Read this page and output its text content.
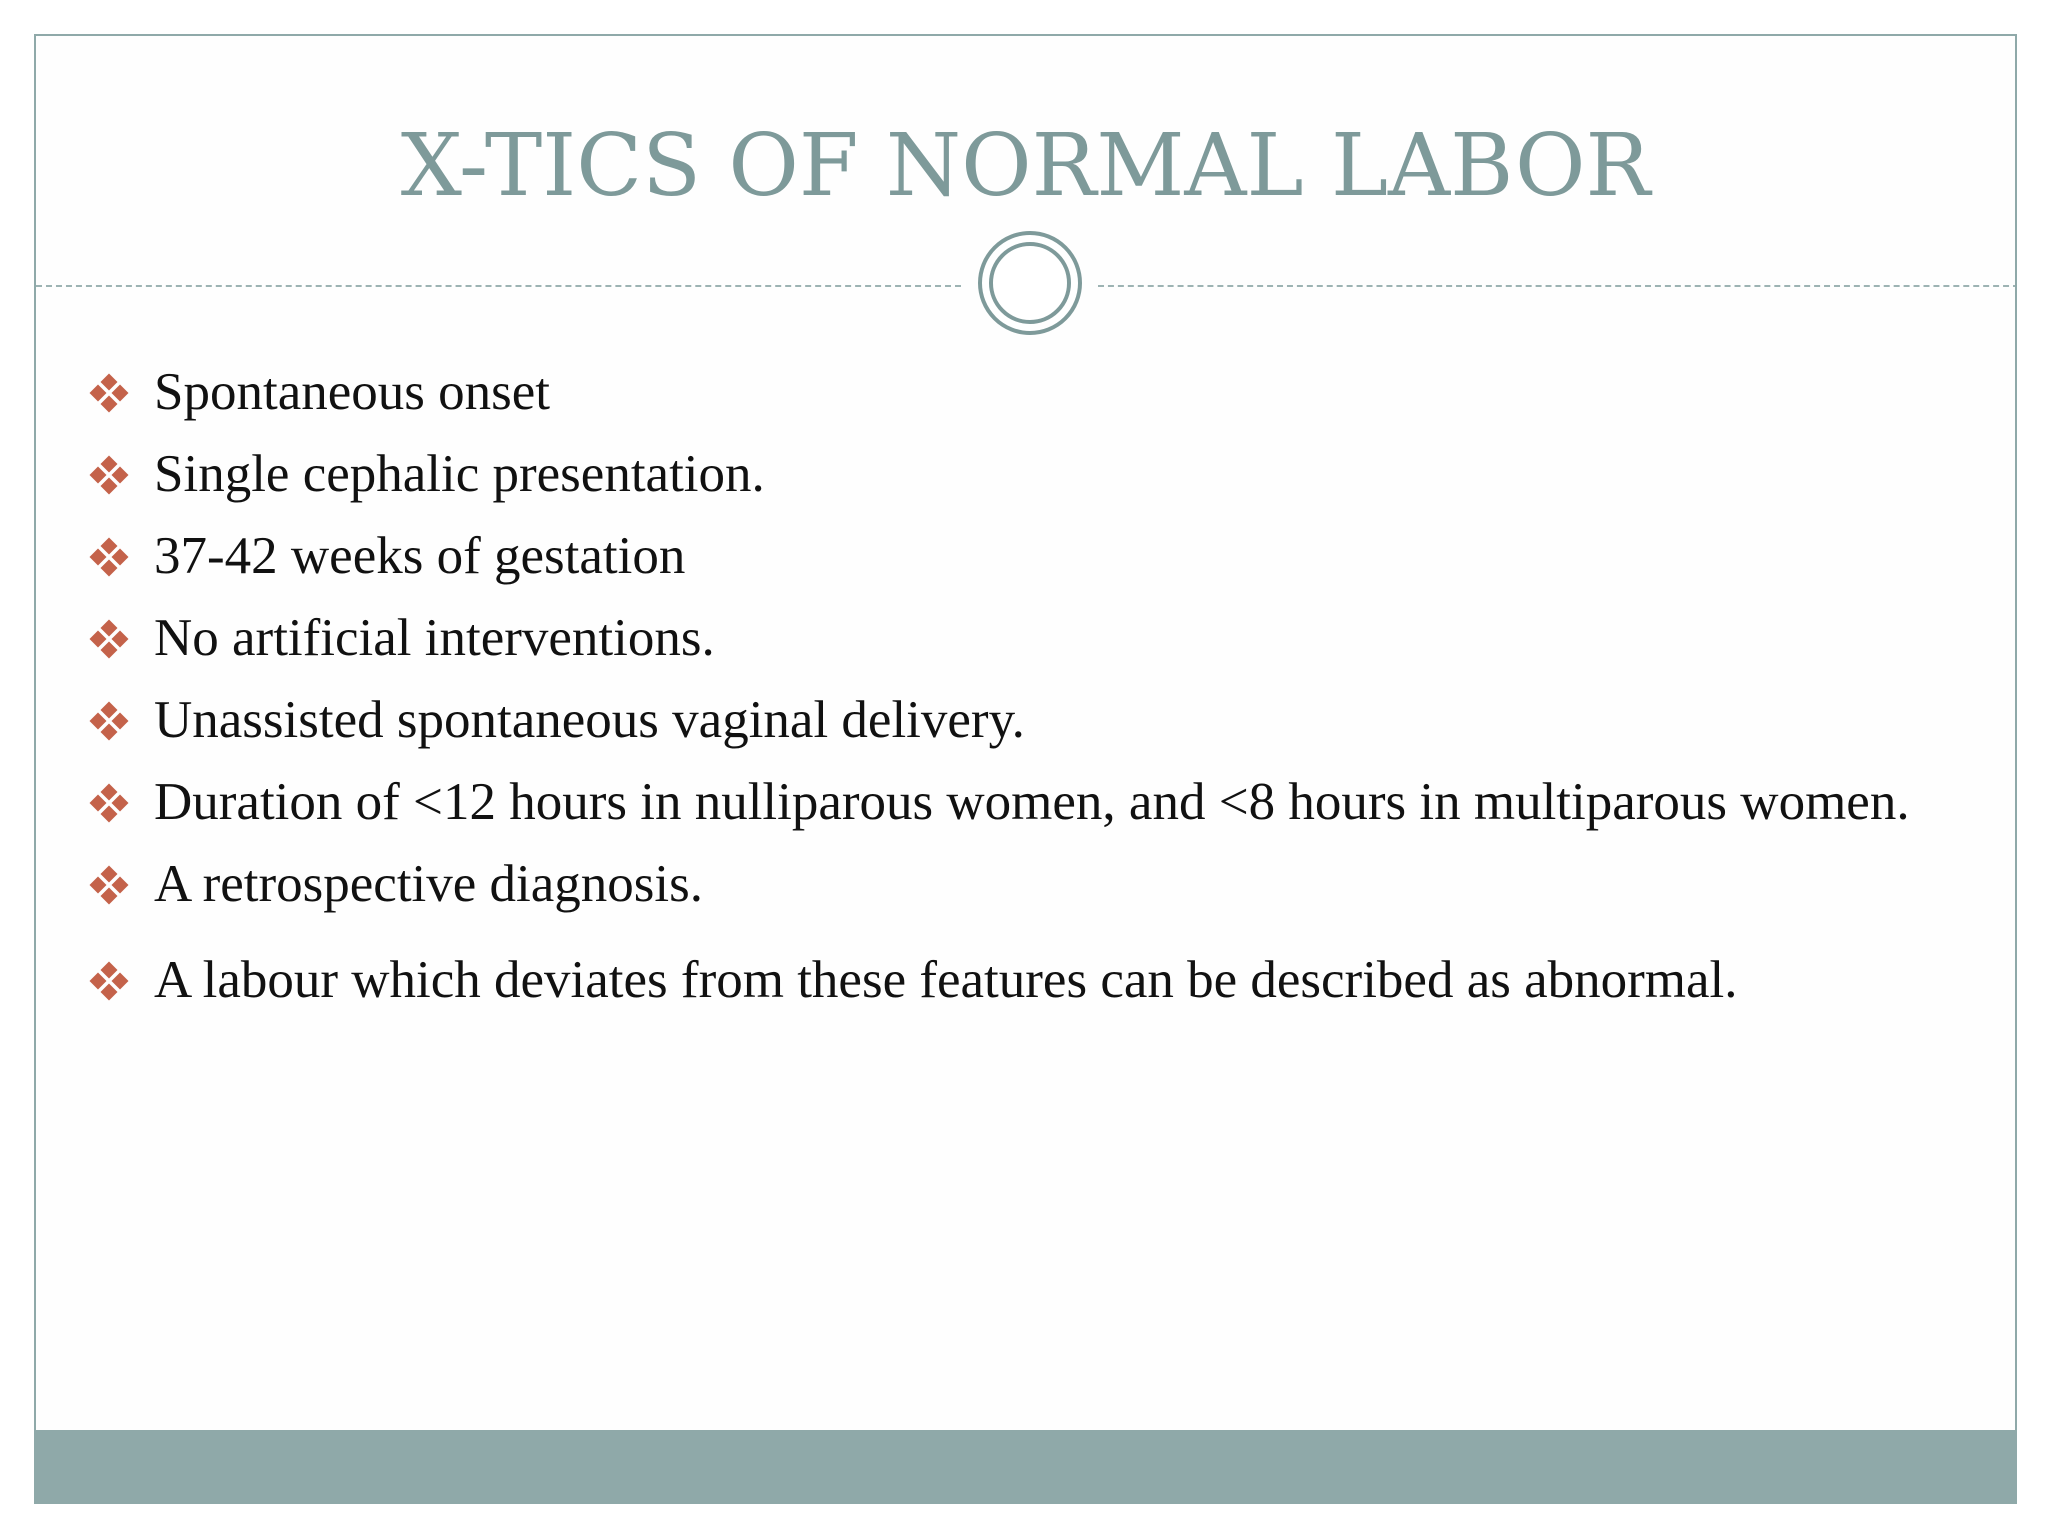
X-TICS OF NORMAL LABOR
Spontaneous onset
Single cephalic presentation.
37-42 weeks of gestation
No artificial interventions.
Unassisted spontaneous vaginal delivery.
Duration of <12 hours in nulliparous women, and <8 hours in multiparous women.
A retrospective diagnosis.
A labour which deviates from these features can be described as abnormal.
